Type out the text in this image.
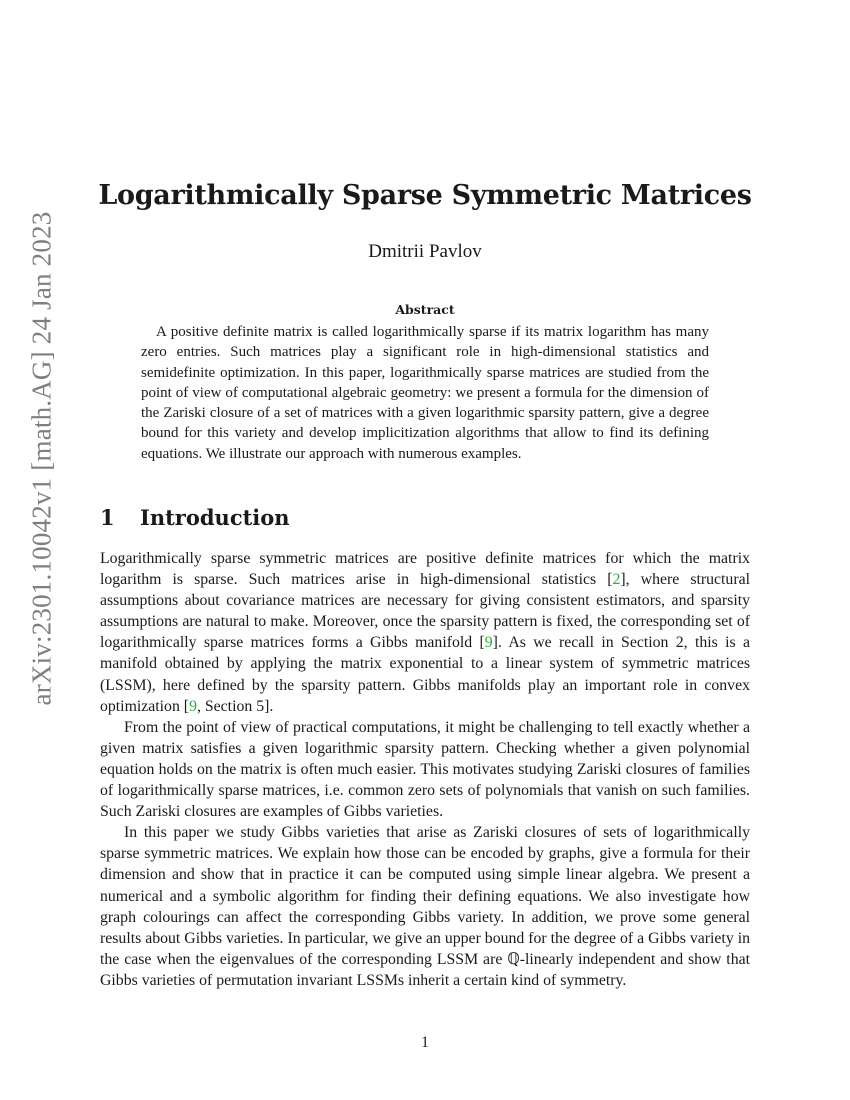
arXiv:2301.10042v1 [math.AG] 24 Jan 2023
Logarithmically Sparse Symmetric Matrices
Dmitrii Pavlov
Abstract
A positive definite matrix is called logarithmically sparse if its matrix logarithm has many zero entries. Such matrices play a significant role in high-dimensional statistics and semidefinite optimization. In this paper, logarithmically sparse matrices are studied from the point of view of computational algebraic geometry: we present a formula for the dimension of the Zariski closure of a set of matrices with a given logarithmic sparsity pattern, give a degree bound for this variety and develop implicitization algorithms that allow to find its defining equations. We illustrate our approach with numerous examples.
1 Introduction

Logarithmically sparse symmetric matrices are positive definite matrices for which the matrix logarithm is sparse. Such matrices arise in high-dimensional statistics [2], where structural assumptions about covariance matrices are necessary for giving consistent estimators, and sparsity assumptions are natural to make. Moreover, once the sparsity pattern is fixed, the corresponding set of logarithmically sparse matrices forms a Gibbs manifold [9]. As we recall in Section 2, this is a manifold obtained by applying the matrix exponential to a linear system of symmetric matrices (LSSM), here defined by the sparsity pattern. Gibbs manifolds play an important role in convex optimization [9, Section 5].

From the point of view of practical computations, it might be challenging to tell exactly whether a given matrix satisfies a given logarithmic sparsity pattern. Checking whether a given polynomial equation holds on the matrix is often much easier. This motivates studying Zariski closures of families of logarithmically sparse matrices, i.e. common zero sets of polynomials that vanish on such families. Such Zariski closures are examples of Gibbs varieties.

In this paper we study Gibbs varieties that arise as Zariski closures of sets of logarithmically sparse symmetric matrices. We explain how those can be encoded by graphs, give a formula for their dimension and show that in practice it can be computed using simple linear algebra. We present a numerical and a symbolic algorithm for finding their defining equations. We also investigate how graph colourings can affect the corresponding Gibbs variety. In addition, we prove some general results about Gibbs varieties. In particular, we give an upper bound for the degree of a Gibbs variety in the case when the eigenvalues of the corresponding LSSM are ℚ-linearly independent and show that Gibbs varieties of permutation invariant LSSMs inherit a certain kind of symmetry.

1
